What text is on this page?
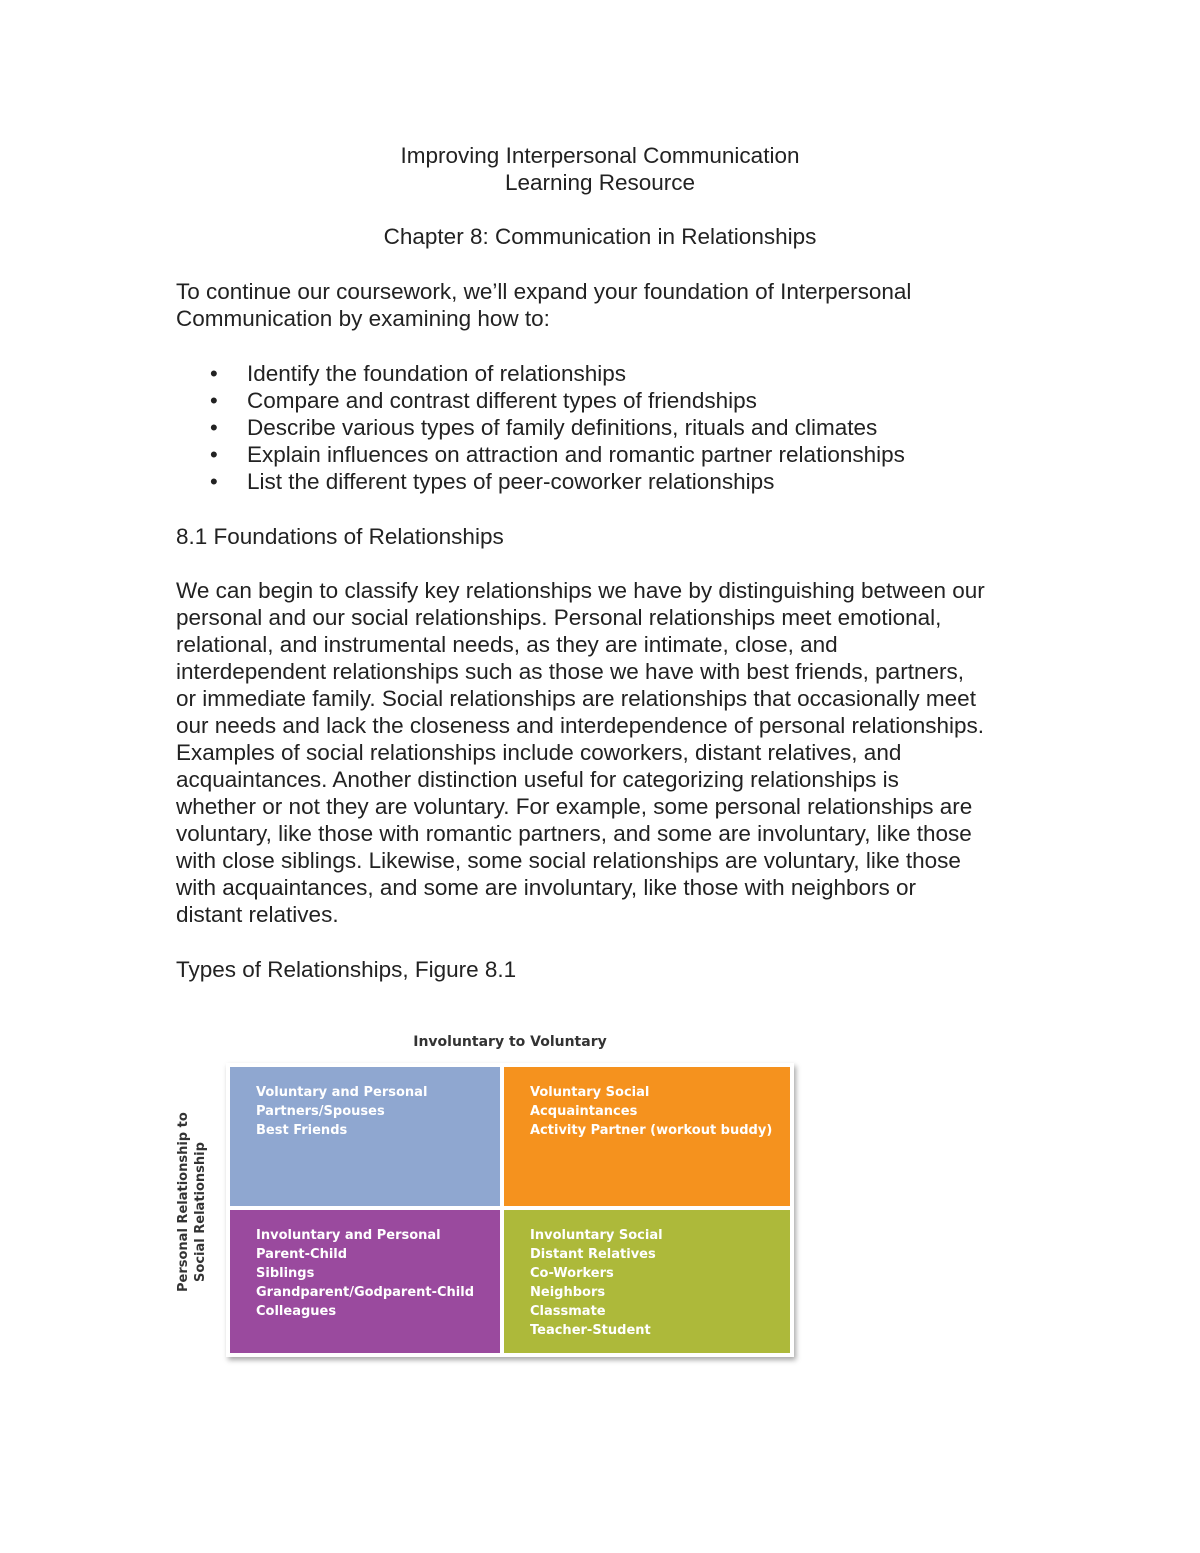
Improving Interpersonal Communication
Learning Resource
Chapter 8: Communication in Relationships
To continue our coursework, we’ll expand your foundation of Interpersonal
Communication by examining how to:
• Identify the foundation of relationships
• Compare and contrast different types of friendships
• Describe various types of family definitions, rituals and climates
• Explain influences on attraction and romantic partner relationships
• List the different types of peer-coworker relationships
8.1 Foundations of Relationships
We can begin to classify key relationships we have by distinguishing between our
personal and our social relationships. Personal relationships meet emotional,
relational, and instrumental needs, as they are intimate, close, and
interdependent relationships such as those we have with best friends, partners,
or immediate family. Social relationships are relationships that occasionally meet
our needs and lack the closeness and interdependence of personal relationships.
Examples of social relationships include coworkers, distant relatives, and
acquaintances. Another distinction useful for categorizing relationships is
whether or not they are voluntary. For example, some personal relationships are
voluntary, like those with romantic partners, and some are involuntary, like those
with close siblings. Likewise, some social relationships are voluntary, like those
with acquaintances, and some are involuntary, like those with neighbors or
distant relatives.
Types of Relationships, Figure 8.1
Involuntary to Voluntary
Personal Relationship to Social Relationship
Voluntary and Personal
Partners/Spouses
Best Friends
Voluntary Social
Acquaintances
Activity Partner (workout buddy)
Involuntary and Personal
Parent-Child
Siblings
Grandparent/Godparent-Child
Colleagues
Involuntary Social
Distant Relatives
Co-Workers
Neighbors
Classmate
Teacher-Student
